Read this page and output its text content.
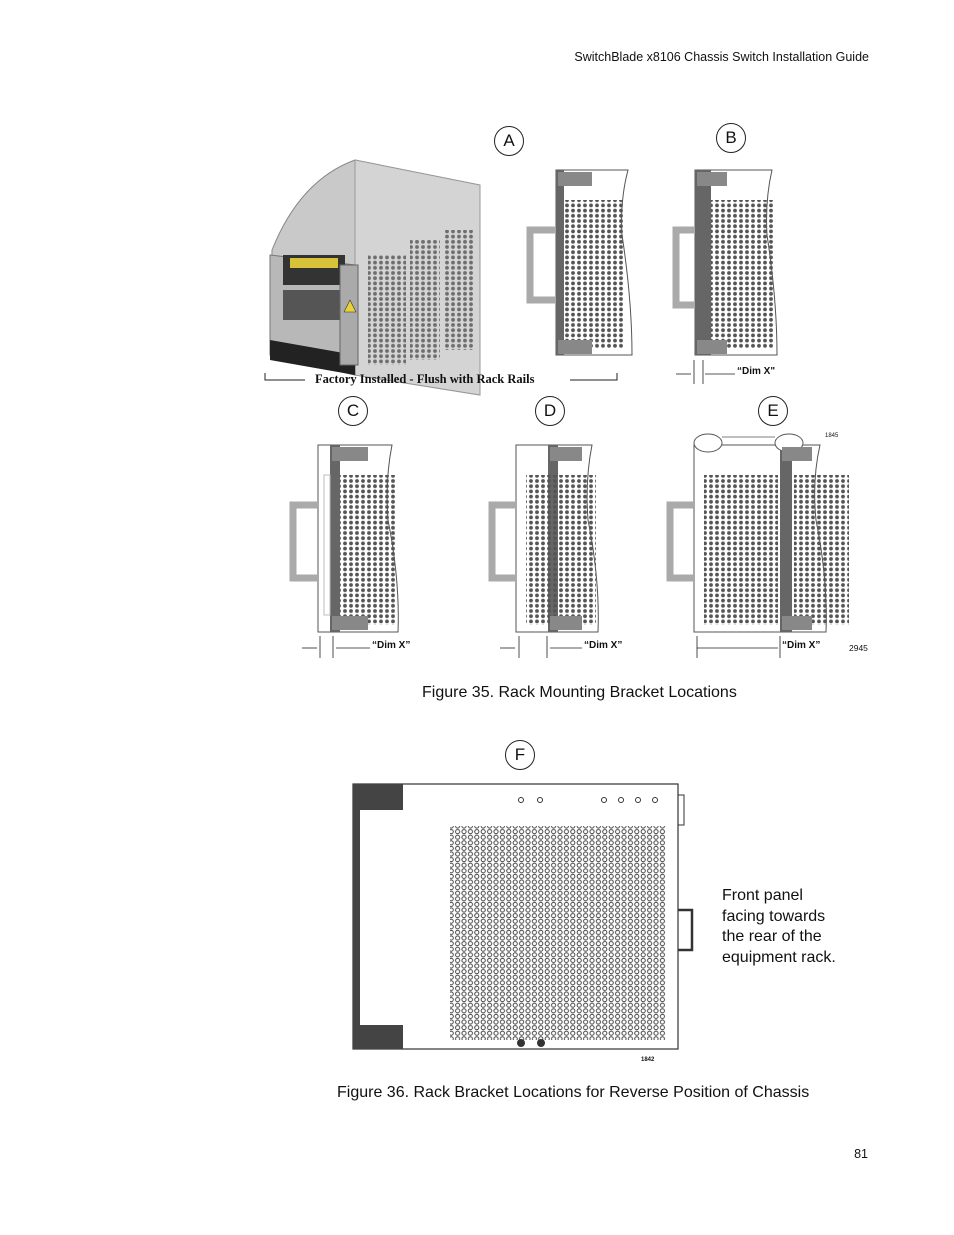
SwitchBlade x8106 Chassis Switch Installation Guide
A	B
C	D	E
F
Factory Installed - Flush with Rack Rails
“Dim X"
“Dim X”	“Dim X”	“Dim X”	2945
1845
Figure 35. Rack Mounting Bracket Locations
Front panel
facing towards
the rear of the
equipment rack.
1842
Figure 36. Rack Bracket Locations for Reverse Position of Chassis
81
